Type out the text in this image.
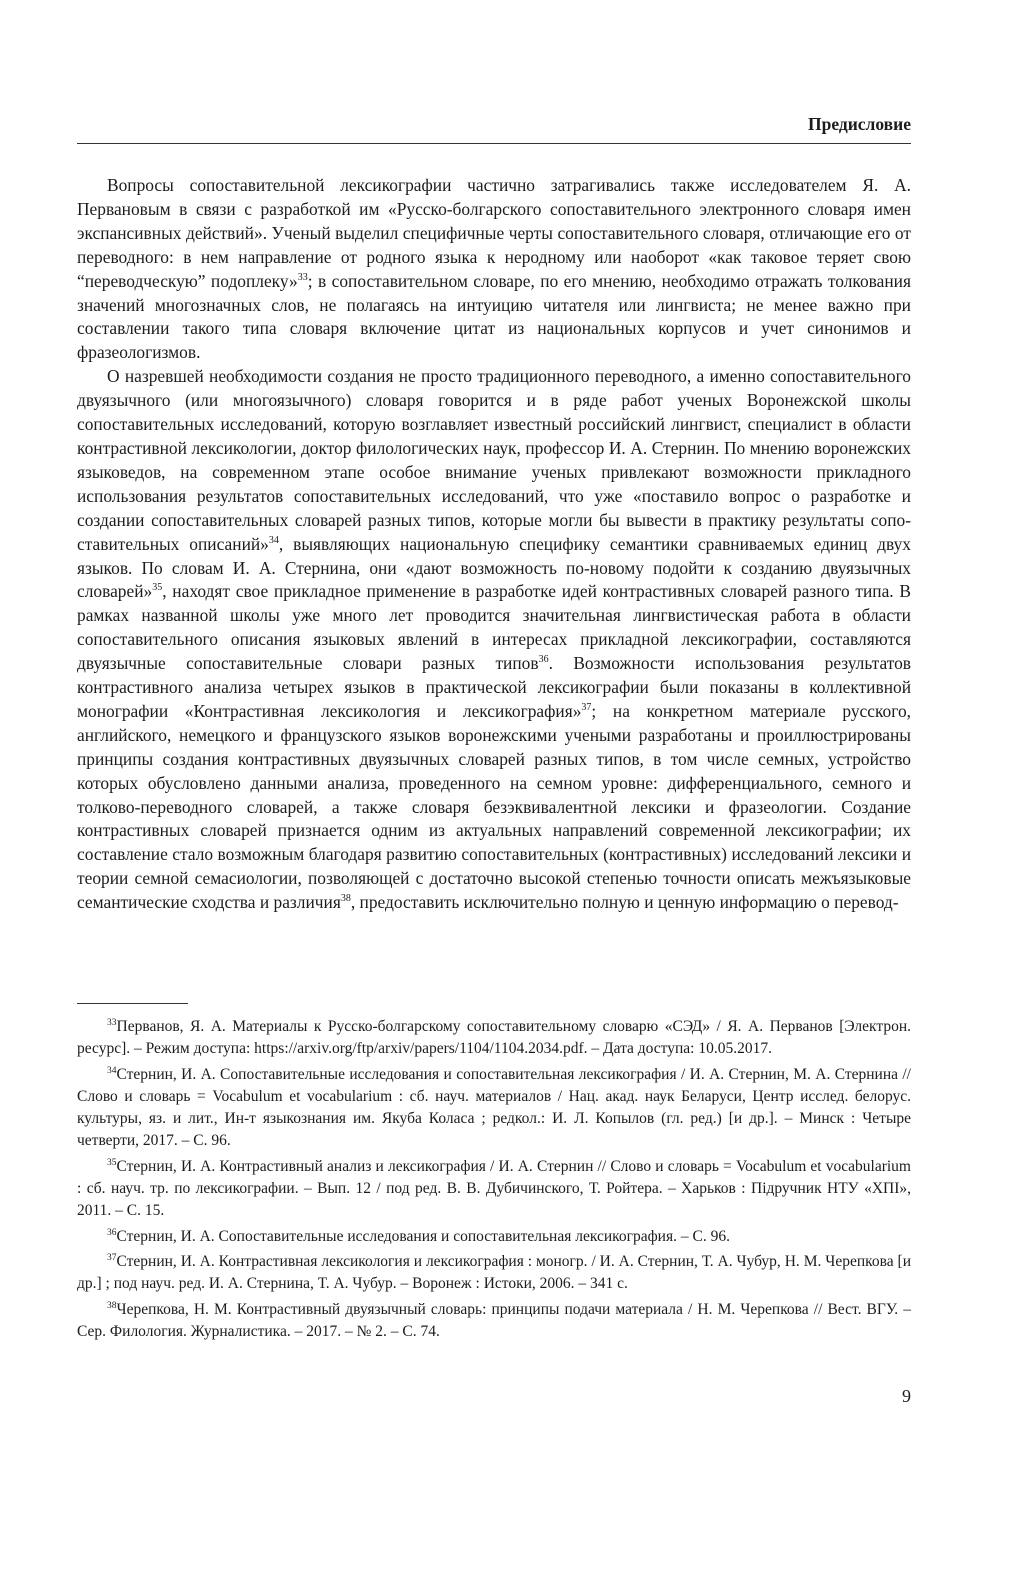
Предисловие

Вопросы сопоставительной лексикографии частично затрагивались также исследователем Я. А. Первановым в связи с разработкой им «Русско-болгарского сопоставительного электронного словаря имен экспансивных действий». Ученый выделил специфичные черты сопоставительного словаря, отличающие его от переводного: в нем направление от родного языка к неродному или наоборот «как таковое теряет свою “переводческую” подоплеку»$^{33}$; в сопоставительном словаре, по его мнению, необходимо отражать толкования значений многозначных слов, не полагаясь на интуицию читателя или лингвиста; не менее важно при составлении такого типа словаря включение цитат из национальных корпусов и учет синонимов и фразеологизмов.

О назревшей необходимости создания не просто традиционного переводного, а именно сопоставительного двуязычного (или многоязычного) словаря говорится и в ряде работ ученых Воронежской школы сопоставительных исследований, которую возглавляет известный российский лингвист, специалист в области контрастивной лексикологии, доктор филологических наук, профессор И. А. Стернин. По мнению воронежских языковедов, на современном этапе особое внимание ученых привлекают возможности прикладного использования результатов сопоставительных исследований, что уже «поставило вопрос о разработке и создании сопоставительных словарей разных типов, которые могли бы вывести в практику результаты сопоставительных описаний»$^{34}$, выявляющих национальную специфику семантики сравниваемых единиц двух языков. По словам И. А. Стернина, они «дают возможность по-новому подойти к созданию двуязычных словарей»$^{35}$, находят свое прикладное применение в разработке идей контрастивных словарей разного типа. В рамках названной школы уже много лет проводится значительная лингвистическая работа в области сопоставительного описания языковых явлений в интересах прикладной лексикографии, составляются двуязычные сопоставительные словари разных типов$^{36}$. Возможности использования результатов контрастивного анализа четырех языков в практической лексикографии были показаны в коллективной монографии «Контрастивная лексикология и лексикография»$^{37}$; на конкретном материале русского, английского, немецкого и французского языков воронежскими учеными разработаны и проиллюстрированы принципы создания контрастивных двуязычных словарей разных типов, в том числе семных, устройство которых обусловлено данными анализа, проведенного на семном уровне: дифференциального, семного и толково-переводного словарей, а также словаря безэквивалентной лексики и фразеологии. Создание контрастивных словарей признается одним из актуальных направлений современной лексикографии; их составление стало возможным благодаря развитию сопоставительных (контрастивных) исследований лексики и теории семной семасиологии, позволяющей с достаточно высокой степенью точности описать межъязыковые семантические сходства и различия$^{38}$, предоставить исключительно полную и ценную информацию о перевод-

$^{33}$Перванов, Я. А. Материалы к Русско-болгарскому сопоставительному словарю «СЭД» / Я. А. Перванов [Электрон. ресурс]. – Режим доступа: https://arxiv.org/ftp/arxiv/papers/1104/1104.2034.pdf. – Дата доступа: 10.05.2017.

$^{34}$Стернин, И. А. Сопоставительные исследования и сопоставительная лексикография / И. А. Стернин, М. А. Стернина // Слово и словарь = Vocabulum et vocabularium : сб. науч. материалов / Нац. акад. наук Беларуси, Центр исслед. белорус. культуры, яз. и лит., Ин-т языкознания им. Якуба Коласа ; редкол.: И. Л. Копылов (гл. ред.) [и др.]. – Минск : Четыре четверти, 2017. – С. 96.

$^{35}$Стернин, И. А. Контрастивный анализ и лексикография / И. А. Стернин // Слово и словарь = Vocabulum et vocabularium : сб. науч. тр. по лексикографии. – Вып. 12 / под ред. В. В. Дубичинского, Т. Ройтера. – Харьков : Підручник НТУ «ХПІ», 2011. – С. 15.

$^{36}$Стернин, И. А. Сопоставительные исследования и сопоставительная лексикография. – С. 96.

$^{37}$Стернин, И. А. Контрастивная лексикология и лексикография : моногр. / И. А. Стернин, Т. А. Чубур, Н. М. Черепкова [и др.] ; под науч. ред. И. А. Стернина, Т. А. Чубур. – Воронеж : Истоки, 2006. – 341 с.

$^{38}$Черепкова, Н. М. Контрастивный двуязычный словарь: принципы подачи материала / Н. М. Черепкова // Вест. ВГУ. – Сер. Филология. Журналистика. – 2017. – № 2. – С. 74.

9
